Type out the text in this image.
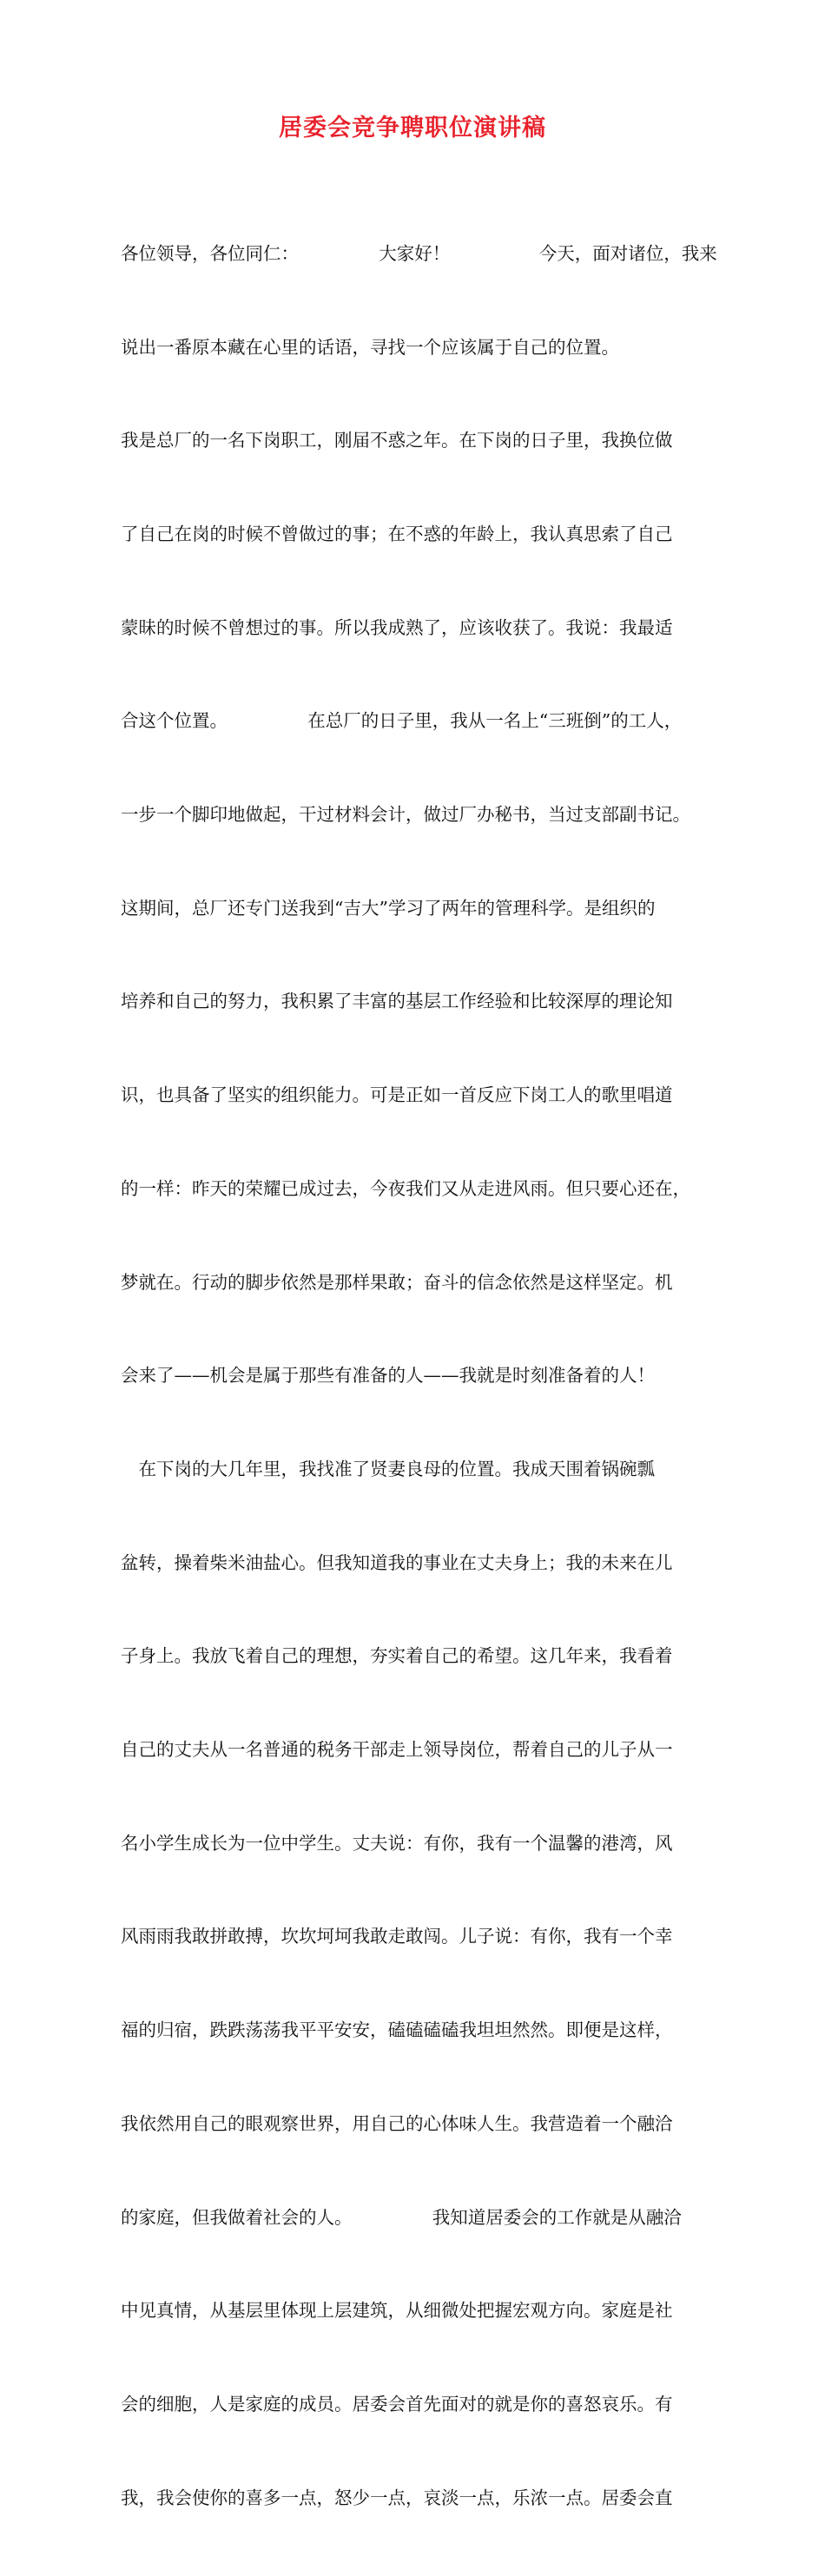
居委会竞争聘职位演讲稿

各位领导，各位同仁：　　　　　大家好！　　　　　今天，面对诸位，我来

说出一番原本藏在心里的话语，寻找一个应该属于自己的位置。

我是总厂的一名下岗职工，刚届不惑之年。在下岗的日子里，我换位做

了自己在岗的时候不曾做过的事；在不惑的年龄上，我认真思索了自己

蒙昧的时候不曾想过的事。所以我成熟了，应该收获了。我说：我最适

合这个位置。　　　　　在总厂的日子里，我从一名上“三班倒”的工人，

一步一个脚印地做起，干过材料会计，做过厂办秘书，当过支部副书记。

这期间，总厂还专门送我到“吉大”学习了两年的管理科学。是组织的

培养和自己的努力，我积累了丰富的基层工作经验和比较深厚的理论知

识，也具备了坚实的组织能力。可是正如一首反应下岗工人的歌里唱道

的一样：昨天的荣耀已成过去，今夜我们又从走进风雨。但只要心还在，

梦就在。行动的脚步依然是那样果敢；奋斗的信念依然是这样坚定。机

会来了——机会是属于那些有准备的人——我就是时刻准备着的人！

　在下岗的大几年里，我找准了贤妻良母的位置。我成天围着锅碗瓢

盆转，操着柴米油盐心。但我知道我的事业在丈夫身上；我的未来在儿

子身上。我放飞着自己的理想，夯实着自己的希望。这几年来，我看着

自己的丈夫从一名普通的税务干部走上领导岗位，帮着自己的儿子从一

名小学生成长为一位中学生。丈夫说：有你，我有一个温馨的港湾，风

风雨雨我敢拼敢搏，坎坎坷坷我敢走敢闯。儿子说：有你，我有一个幸

福的归宿，跌跌荡荡我平平安安，磕磕磕磕我坦坦然然。即便是这样，

我依然用自己的眼观察世界，用自己的心体味人生。我营造着一个融洽

的家庭，但我做着社会的人。　　　　　我知道居委会的工作就是从融洽

中见真情，从基层里体现上层建筑，从细微处把握宏观方向。家庭是社

会的细胞，人是家庭的成员。居委会首先面对的就是你的喜怒哀乐。有

我，我会使你的喜多一点，怒少一点，哀淡一点，乐浓一点。居委会直
